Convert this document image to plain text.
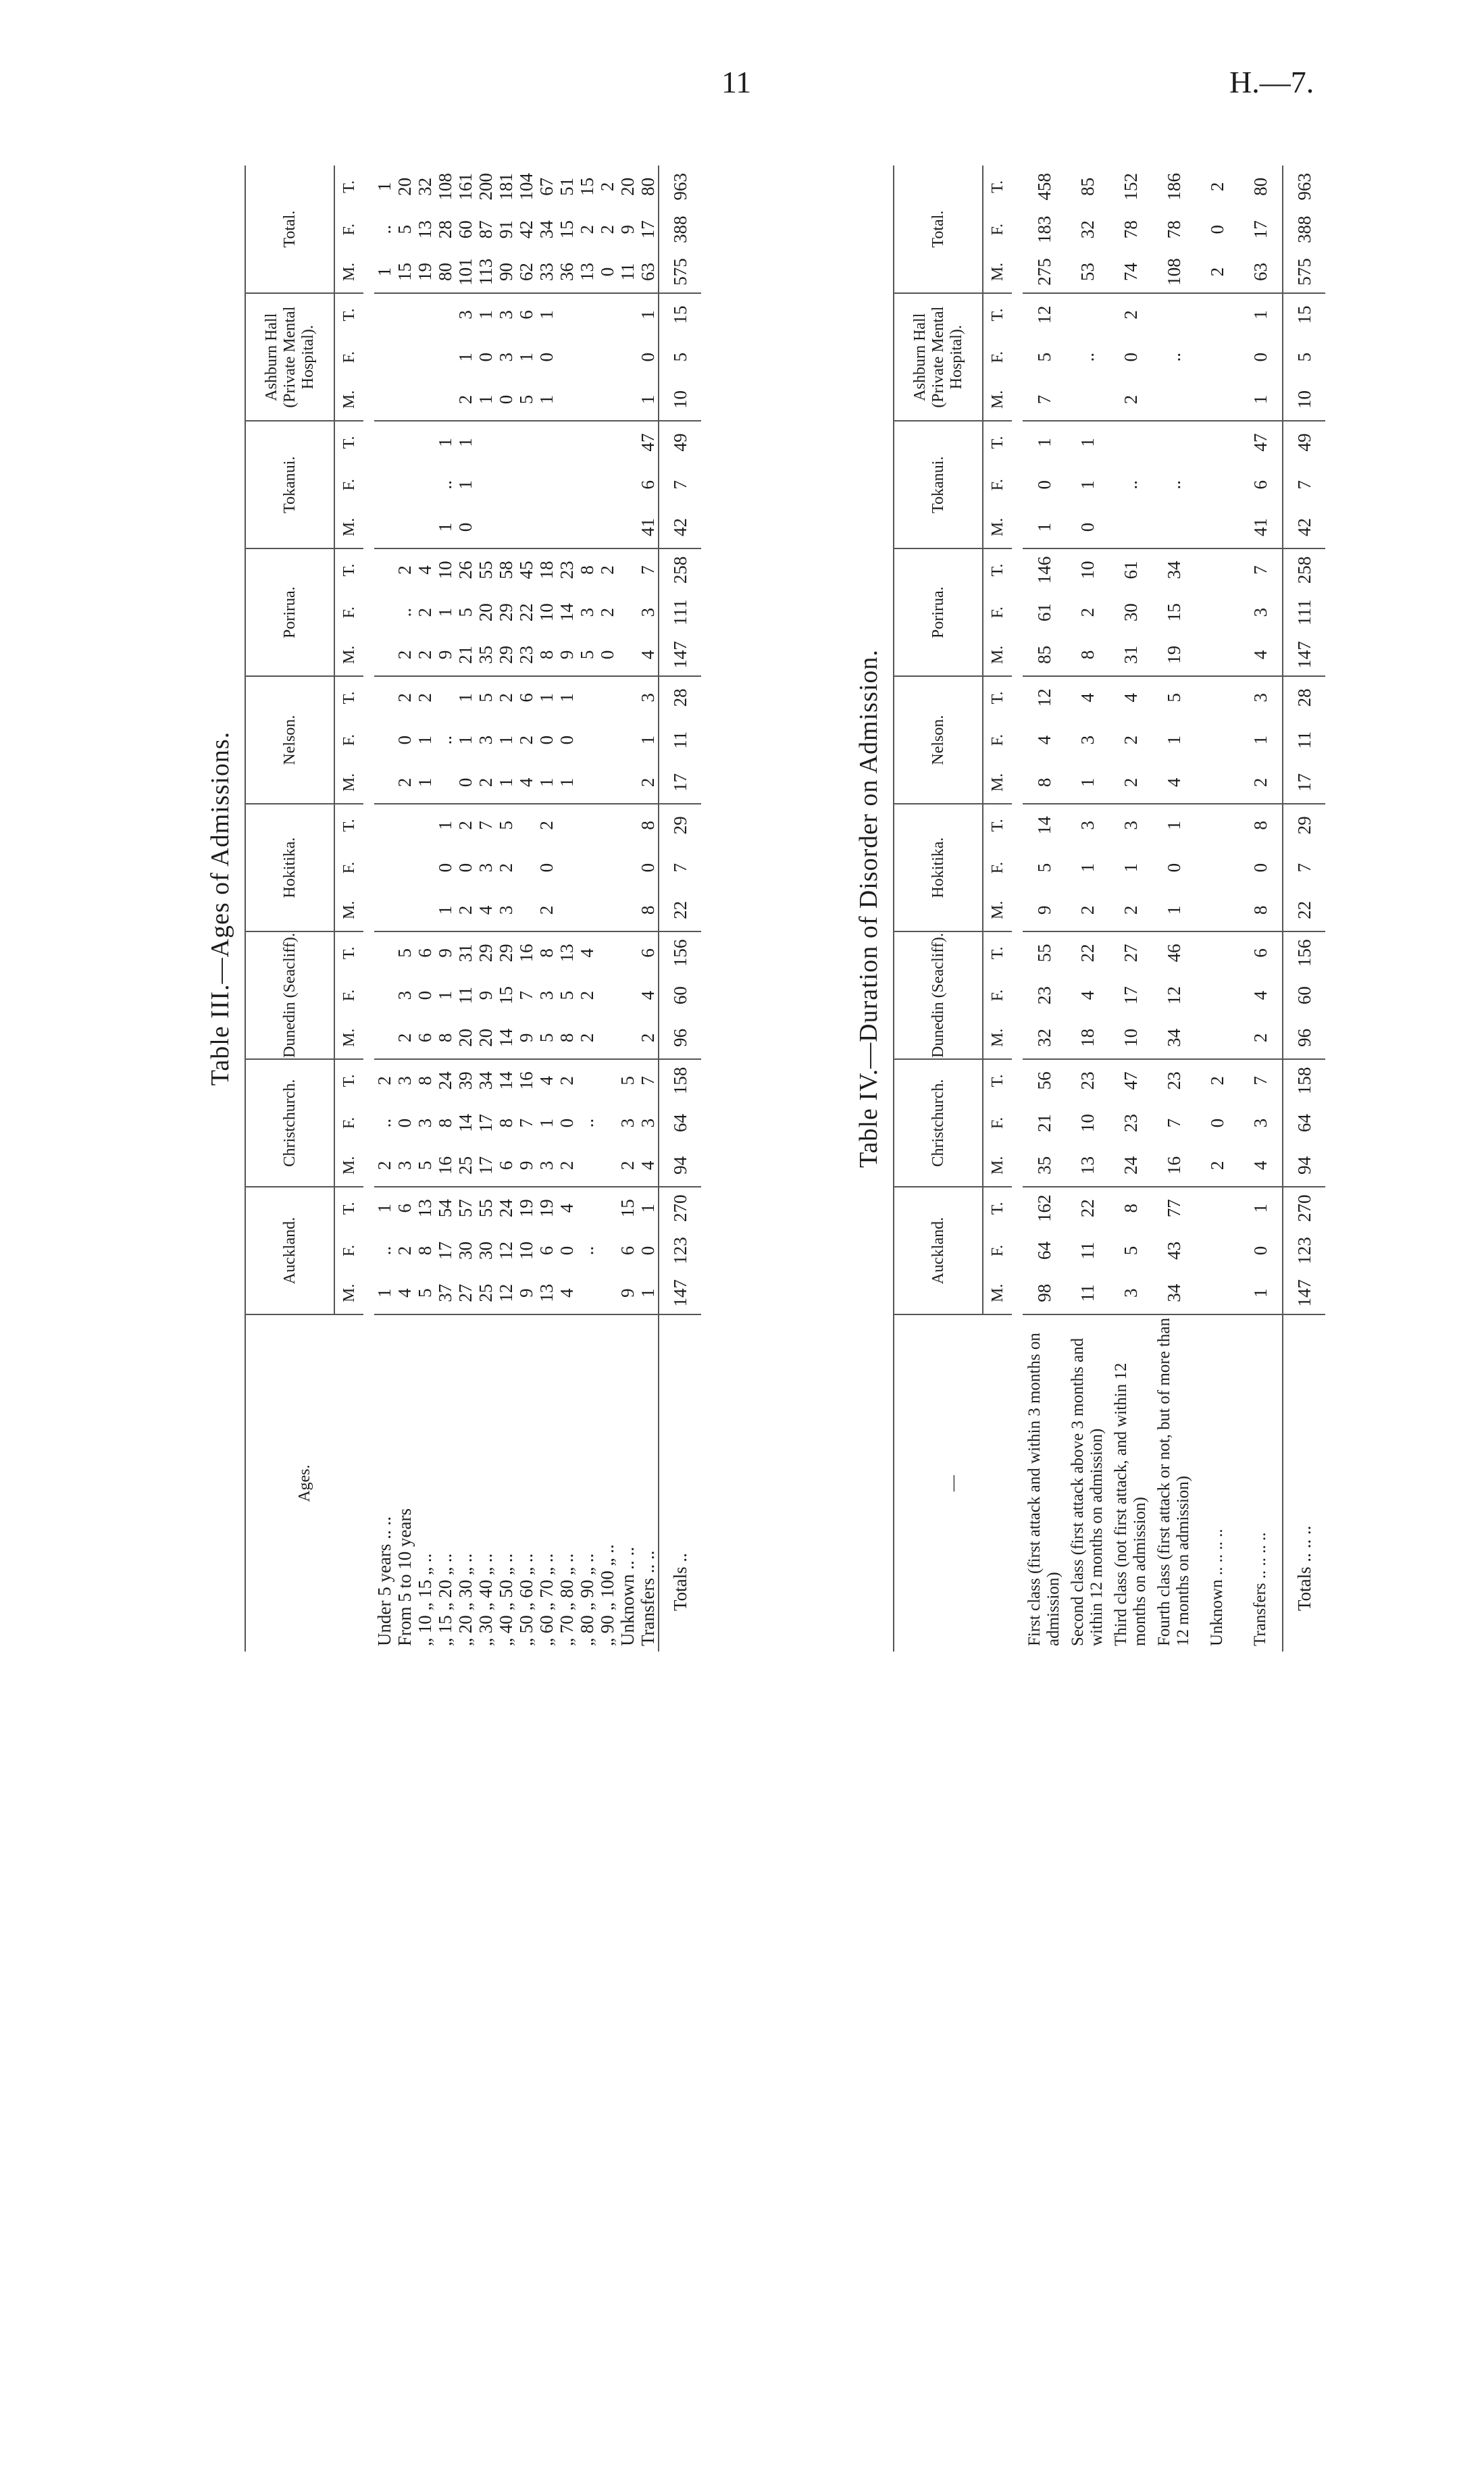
11	H.—7.
Table III.—Ages of Admissions.
Ages.	Auckland.			Christchurch.			Dunedin (Seacliff).			Hokitika.			Nelson.			Porirua.			Tokanui.			Ashburn Hall (Private Mental Hospital).			Total.		
	M.	F.	T.	M.	F.	T.	M.	F.	T.	M.	F.	T.	M.	F.	T.	M.	F.	T.	M.	F.	T.	M.	F.	T.	M.	F.	T.

Under 5 years .. ..	1	..	1	2	..	2																			1	..	1
From 5 to 10 years	4	2	6	3	0	3	2	3	5				2	0	2	2	..	2							15	5	20
„ 10 „ 15 „ ..	5	8	13	5	3	8	6	0	6				1	1	2	2	2	4							19	13	32
„ 15 „ 20 „ ..	37	17	54	16	8	24	8	1	9	1	0	1		..		9	1	10	1	..	1				80	28	108
„ 20 „ 30 „ ..	27	30	57	25	14	39	20	11	31	2	0	2	0	1	1	21	5	26	0	1	1	2	1	3	101	60	161
„ 30 „ 40 „ ..	25	30	55	17	17	34	20	9	29	4	3	7	2	3	5	35	20	55				1	0	1	113	87	200
„ 40 „ 50 „ ..	12	12	24	6	8	14	14	15	29	3	2	5	1	1	2	29	29	58				0	3	3	90	91	181
„ 50 „ 60 „ ..	9	10	19	9	7	16	9	7	16				4	2	6	23	22	45				5	1	6	62	42	104
„ 60 „ 70 „ ..	13	6	19	3	1	4	5	3	8	2	0	2	1	0	1	8	10	18				1	0	1	33	34	67
„ 70 „ 80 „ ..	4	0	4	2	0	2	8	5	13				1	0	1	9	14	23							36	15	51
„ 80 „ 90 „ ..		..			..		2	2	4							5	3	8							13	2	15
„ 90 „ 100 „ ..																0	2	2							0	2	2
Unknown .. ..	9	6	15	2	3	5																			11	9	20
Transfers .. ..	1	0	1	4	3	7	2	4	6	8	0	8	2	1	3	4	3	7	41	6	47	1	0	1	63	17	80
Totals ..	147	123	270	94	64	158	96	60	156	22	7	29	17	11	28	147	111	258	42	7	49	10	5	15	575	388	963
Table IV.—Duration of Disorder on Admission.
—	Auckland.			Christchurch.			Dunedin (Seacliff).			Hokitika.			Nelson.			Porirua.			Tokanui.			Ashburn Hall (Private Mental Hospital).			Total.		
	M.	F.	T.	M.	F.	T.	M.	F.	T.	M.	F.	T.	M.	F.	T.	M.	F.	T.	M.	F.	T.	M.	F.	T.	M.	F.	T.

First class (first attack and within 3 months on admission)	98	64	162	35	21	56	32	23	55	9	5	14	8	4	12	85	61	146	1	0	1	7	5	12	275	183	458
Second class (first attack above 3 months and within 12 months on admission)	11	11	22	13	10	23	18	4	22	2	1	3	1	3	4	8	2	10	0	1	1		..		53	32	85
Third class (not first attack, and within 12 months on admission)	3	5	8	24	23	47	10	17	27	2	1	3	2	2	4	31	30	61		..		2	0	2	74	78	152
Fourth class (first attack or not, but of more than 12 months on admission)	34	43	77	16	7	23	34	12	46	1	0	1	4	1	5	19	15	34		..			..		108	78	186
Unknown .. .. .. ..				2	0	2																			2	0	2
Transfers .. .. .. ..	1	0	1	4	3	7	2	4	6	8	0	8	2	1	3	4	3	7	41	6	47	1	0	1	63	17	80
Totals .. .. ..	147	123	270	94	64	158	96	60	156	22	7	29	17	11	28	147	111	258	42	7	49	10	5	15	575	388	963
